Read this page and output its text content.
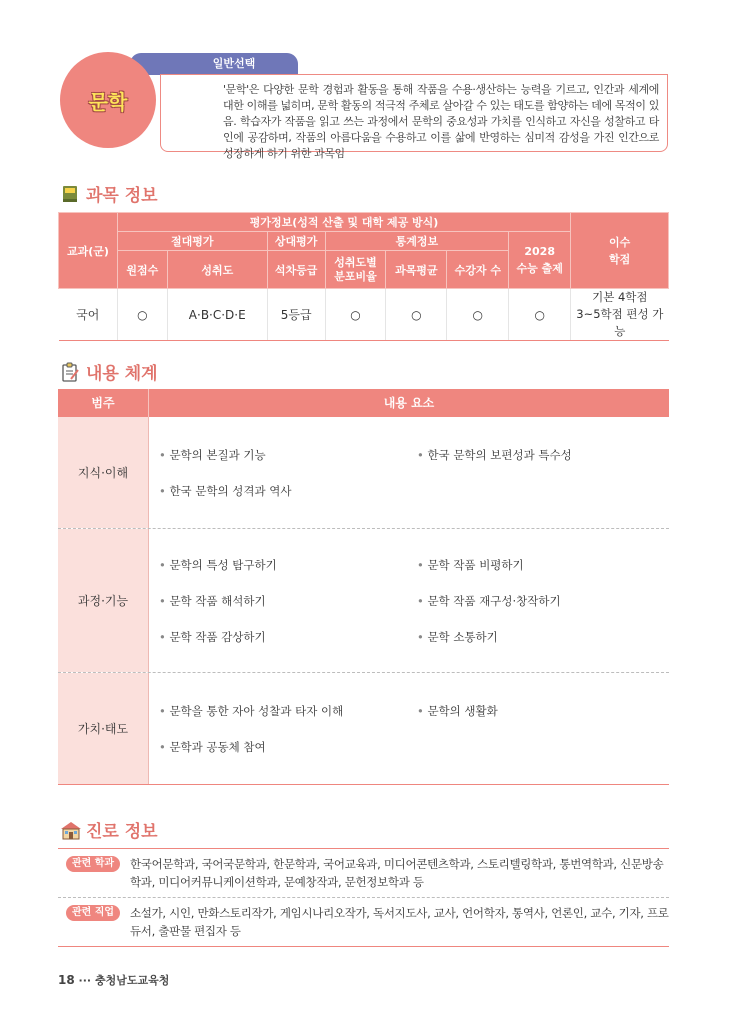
일반선택
'문학'은 다양한 문학 경험과 활동을 통해 작품을 수용·생산하는 능력을 기르고, 인간과 세계에 대한 이해를 넓히며, 문학 활동의 적극적 주체로 살아갈 수 있는 태도를 함양하는 데에 목적이 있음. 학습자가 작품을 읽고 쓰는 과정에서 문학의 중요성과 가치를 인식하고 자신을 성찰하고 타인에 공감하며, 작품의 아름다움을 수용하고 이를 삶에 반영하는 심미적 감성을 가진 인간으로 성장하게 하기 위한 과목임
문학
과목 정보
교과(군)	평가정보(성적 산출 및 대학 제공 방식)							이수
학점
	절대평가		상대평가	통계정보			2028
수능 출제	
	원점수	성취도	석차등급	성취도별
분포비율	과목평균	수강자 수		
국어	○	A·B·C·D·E	5등급	○	○	○	○	기본 4학점
3~5학점 편성 가능
내용 체계
범주	내용 요소
지식·이해
• 문학의 본질과 기능	• 한국 문학의 보편성과 특수성
• 한국 문학의 성격과 역사
과정·기능
• 문학의 특성 탐구하기	• 문학 작품 비평하기
• 문학 작품 해석하기	• 문학 작품 재구성·창작하기
• 문학 작품 감상하기	• 문학 소통하기
가치·태도
• 문학을 통한 자아 성찰과 타자 이해	• 문학의 생활화
• 문학과 공동체 참여
진로 정보
관련 학과	한국어문학과, 국어국문학과, 한문학과, 국어교육과, 미디어콘텐츠학과, 스토리텔링학과, 통번역학과, 신문방송학과, 미디어커뮤니케이션학과, 문예창작과, 문헌정보학과 등
관련 직업	소설가, 시인, 만화스토리작가, 게임시나리오작가, 독서지도사, 교사, 언어학자, 통역사, 언론인, 교수, 기자, 프로듀서, 출판물 편집자 등
18 ··· 충청남도교육청
